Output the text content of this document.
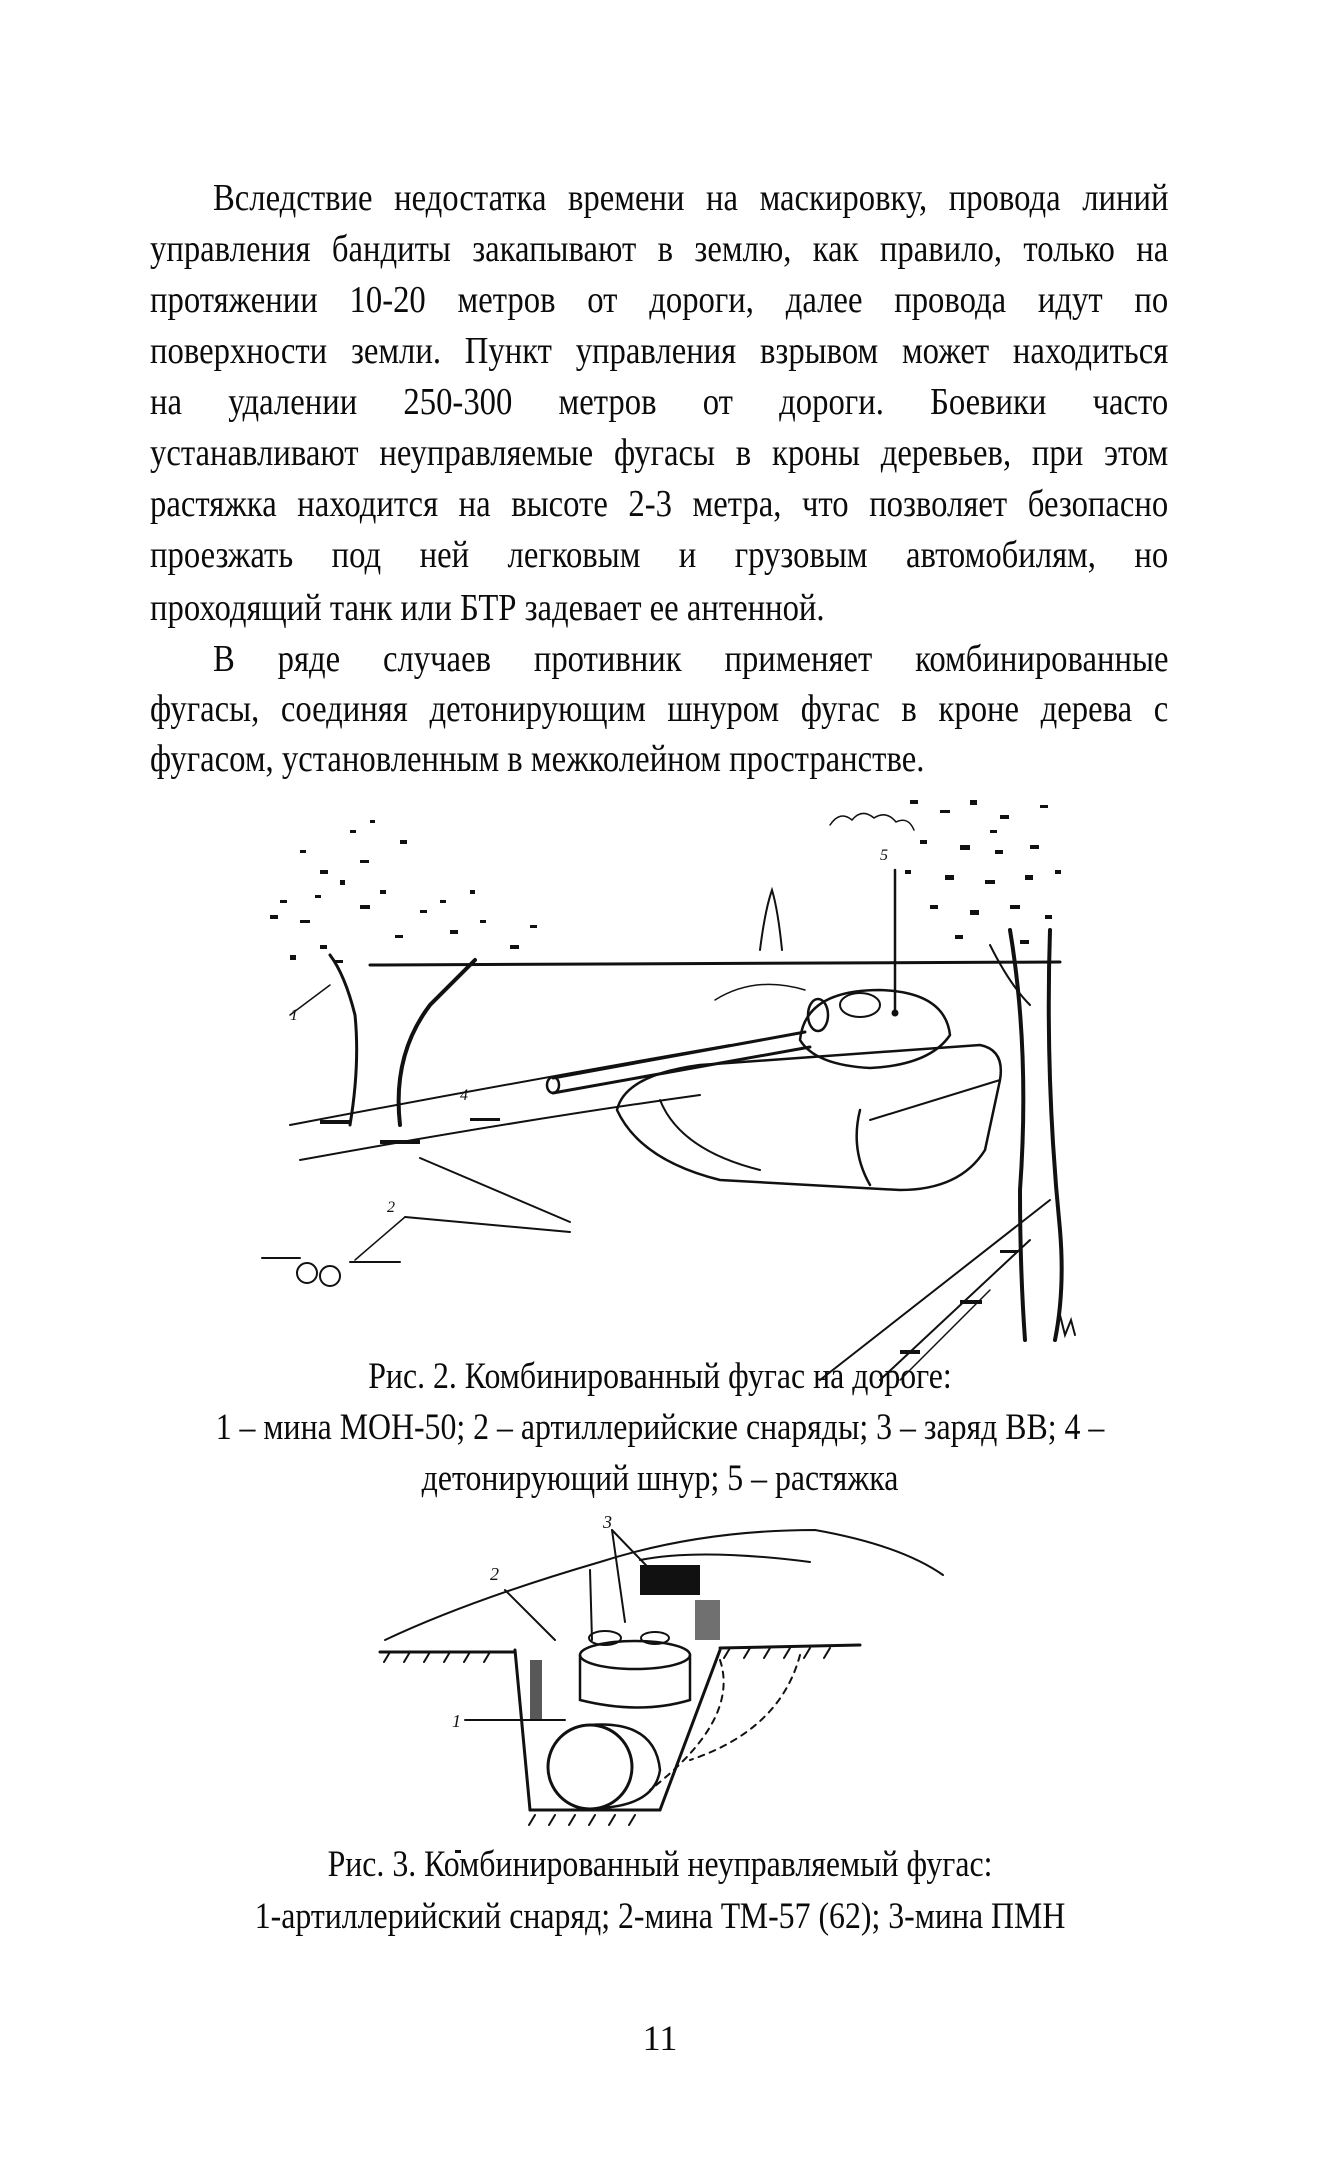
Вследствие недостатка времени на маскировку, провода линий
управления бандиты закапывают в землю, как правило, только на
протяжении 10-20 метров от дороги, далее провода идут по
поверхности земли. Пункт управления взрывом может находиться
на удалении 250-300 метров от дороги. Боевики часто
устанавливают неуправляемые фугасы в кроны деревьев, при этом
растяжка находится на высоте 2-3 метра, что позволяет безопасно
проезжать под ней легковым и грузовым автомобилям, но
проходящий танк или БТР задевает ее антенной.
В ряде случаев противник применяет комбинированные
фугасы, соединяя детонирующим шнуром фугас в кроне дерева с
фугасом, установленным в межколейном пространстве.
2
4
1
5
Рис. 2. Комбинированный фугас на дороге:
1 – мина МОН-50; 2 – артиллерийские снаряды; 3 – заряд ВВ; 4 –
детонирующий шнур; 5 – растяжка
1
2
3
Рис. 3. Комбинированный неуправляемый фугас:
1-артиллерийский снаряд; 2-мина ТМ-57 (62); 3-мина ПМН
11
